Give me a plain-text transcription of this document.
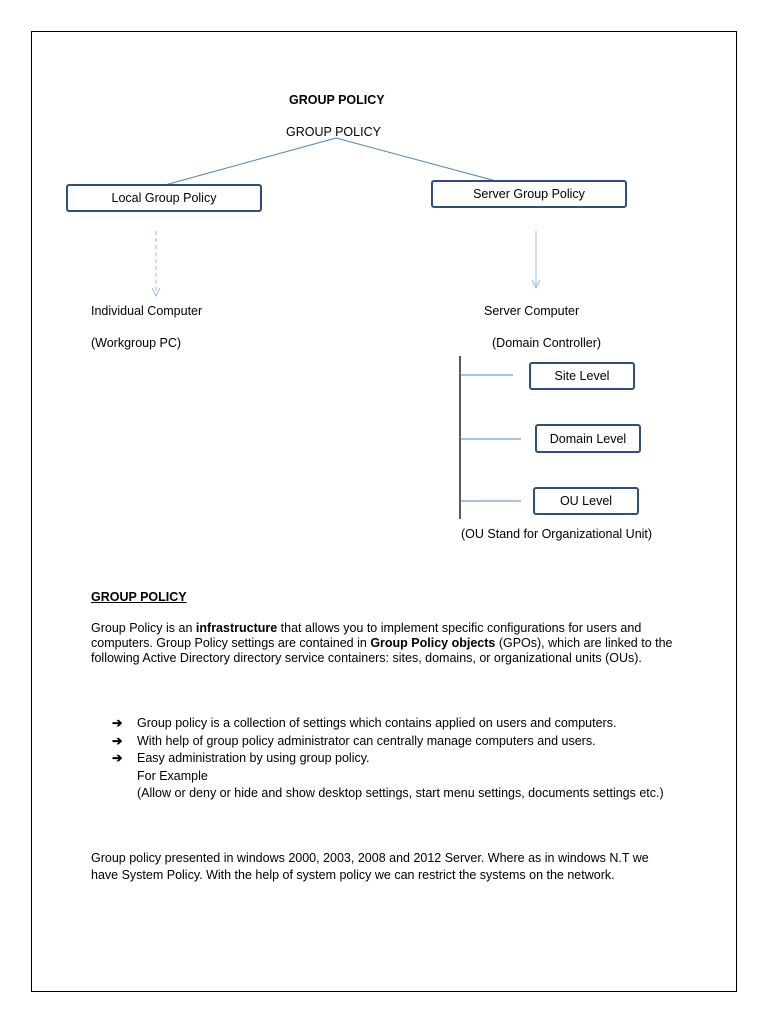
GROUP POLICY
GROUP POLICY
Local Group Policy	Server Group Policy
Individual Computer
(Workgroup PC)
Server Computer
(Domain Controller)
Site Level
Domain Level
OU Level
(OU Stand for Organizational Unit)
GROUP POLICY

Group Policy is an infrastructure that allows you to implement specific configurations for users and computers. Group Policy settings are contained in Group Policy objects (GPOs), which are linked to the following Active Directory directory service containers: sites, domains, or organizational units (OUs).

➔ Group policy is a collection of settings which contains applied on users and computers.
➔ With help of group policy administrator can centrally manage computers and users.
➔ Easy administration by using group policy.
For Example
(Allow or deny or hide and show desktop settings, start menu settings, documents settings etc.)
Group policy presented in windows 2000, 2003, 2008 and 2012 Server. Where as in windows N.T we have System Policy. With the help of system policy we can restrict the systems on the network.
